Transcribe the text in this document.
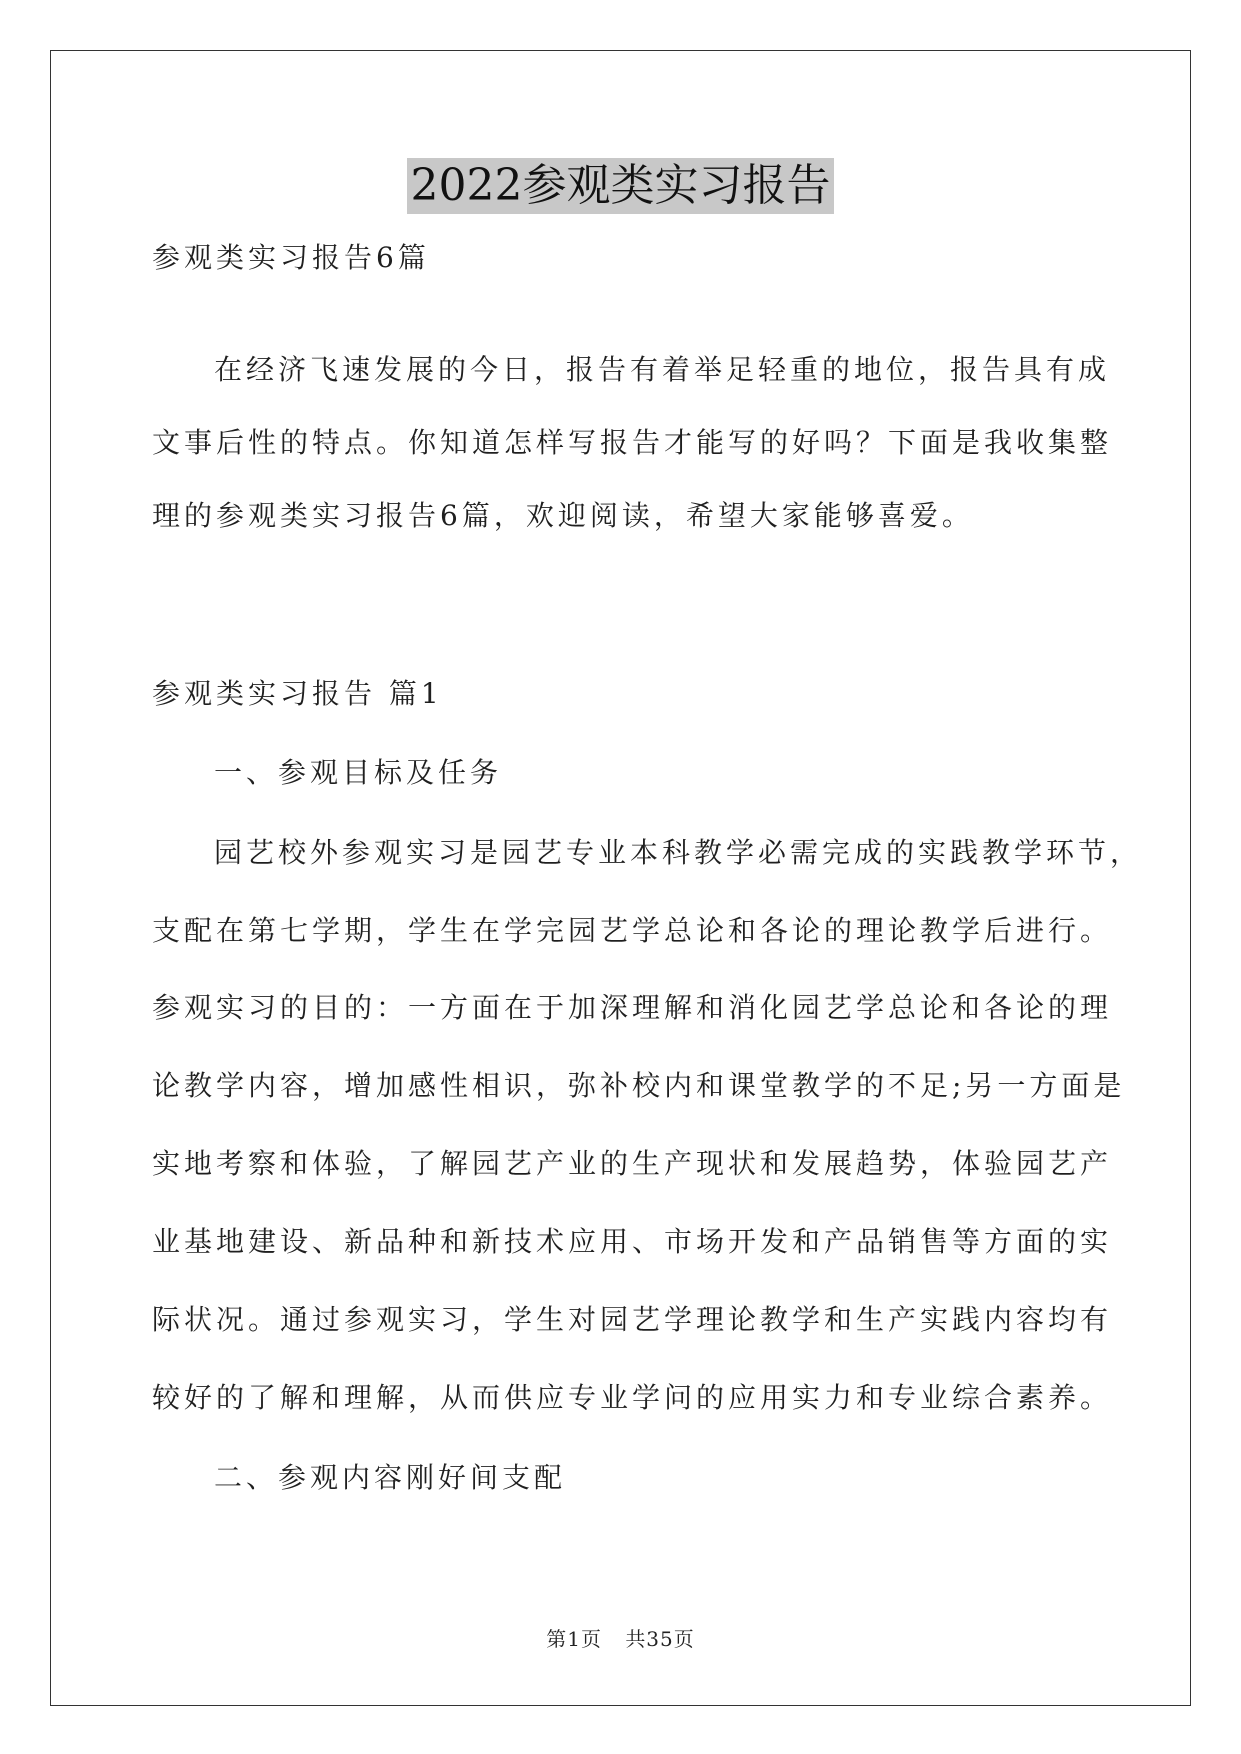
2022参观类实习报告
参观类实习报告6篇
在经济飞速发展的今日，报告有着举足轻重的地位，报告具有成
文事后性的特点。你知道怎样写报告才能写的好吗？下面是我收集整
理的参观类实习报告6篇，欢迎阅读，希望大家能够喜爱。
参观类实习报告 篇1
一、参观目标及任务
园艺校外参观实习是园艺专业本科教学必需完成的实践教学环节，
支配在第七学期，学生在学完园艺学总论和各论的理论教学后进行。
参观实习的目的：一方面在于加深理解和消化园艺学总论和各论的理
论教学内容，增加感性相识，弥补校内和课堂教学的不足;另一方面是
实地考察和体验，了解园艺产业的生产现状和发展趋势，体验园艺产
业基地建设、新品种和新技术应用、市场开发和产品销售等方面的实
际状况。通过参观实习，学生对园艺学理论教学和生产实践内容均有
较好的了解和理解，从而供应专业学问的应用实力和专业综合素养。
二、参观内容刚好间支配
第1页 共35页
